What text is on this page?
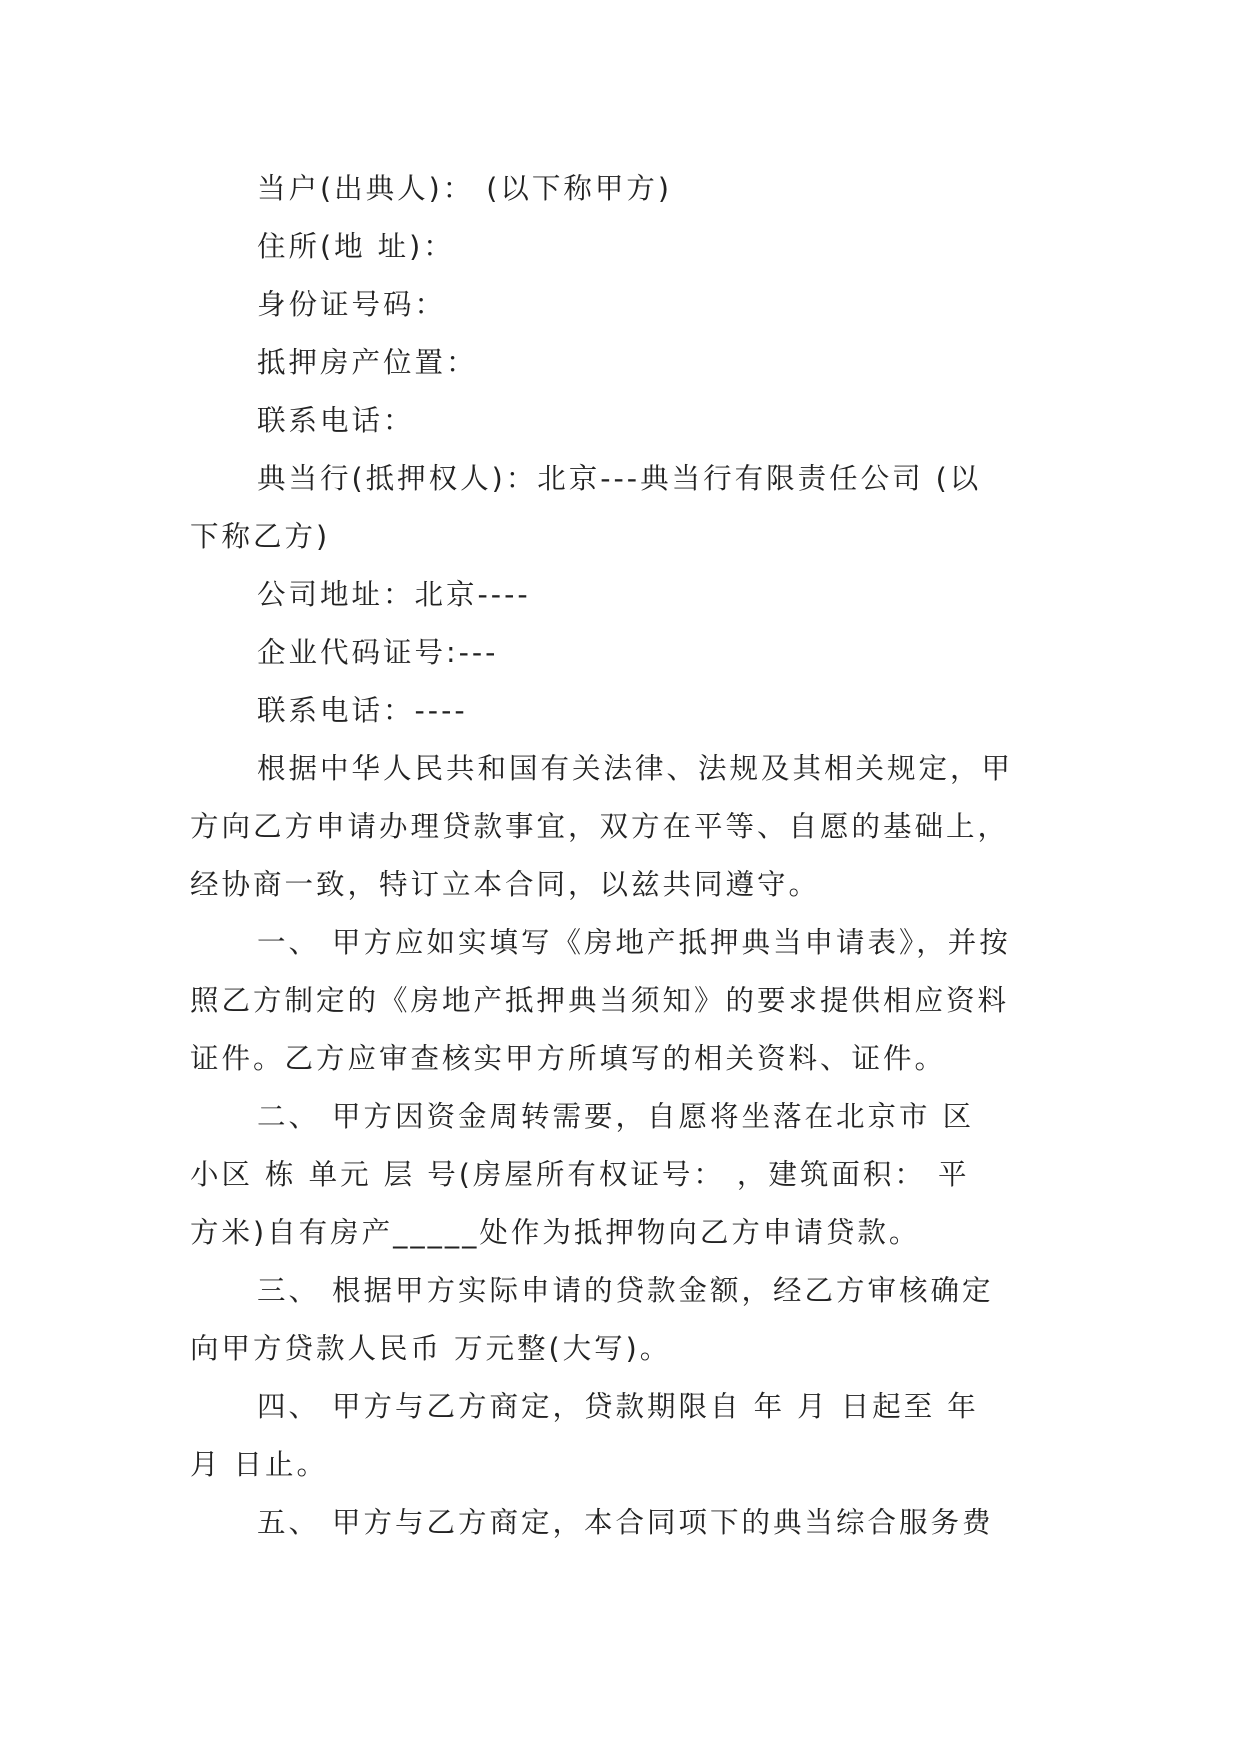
当户(出典人)： (以下称甲方)

住所(地 址)：

身份证号码：

抵押房产位置：

联系电话：

典当行(抵押权人)：北京---典当行有限责任公司 (以

下称乙方)

公司地址：北京----

企业代码证号:---

联系电话：----

根据中华人民共和国有关法律、法规及其相关规定，甲

方向乙方申请办理贷款事宜，双方在平等、自愿的基础上，

经协商一致，特订立本合同，以兹共同遵守。

一、 甲方应如实填写《房地产抵押典当申请表》，并按

照乙方制定的《房地产抵押典当须知》的要求提供相应资料

证件。乙方应审查核实甲方所填写的相关资料、证件。

二、 甲方因资金周转需要，自愿将坐落在北京市 区

小区 栋 单元 层 号(房屋所有权证号： ，建筑面积： 平

方米)自有房产_____处作为抵押物向乙方申请贷款。

三、 根据甲方实际申请的贷款金额，经乙方审核确定

向甲方贷款人民币 万元整(大写)。

四、 甲方与乙方商定，贷款期限自 年 月 日起至 年

月 日止。

五、 甲方与乙方商定，本合同项下的典当综合服务费
